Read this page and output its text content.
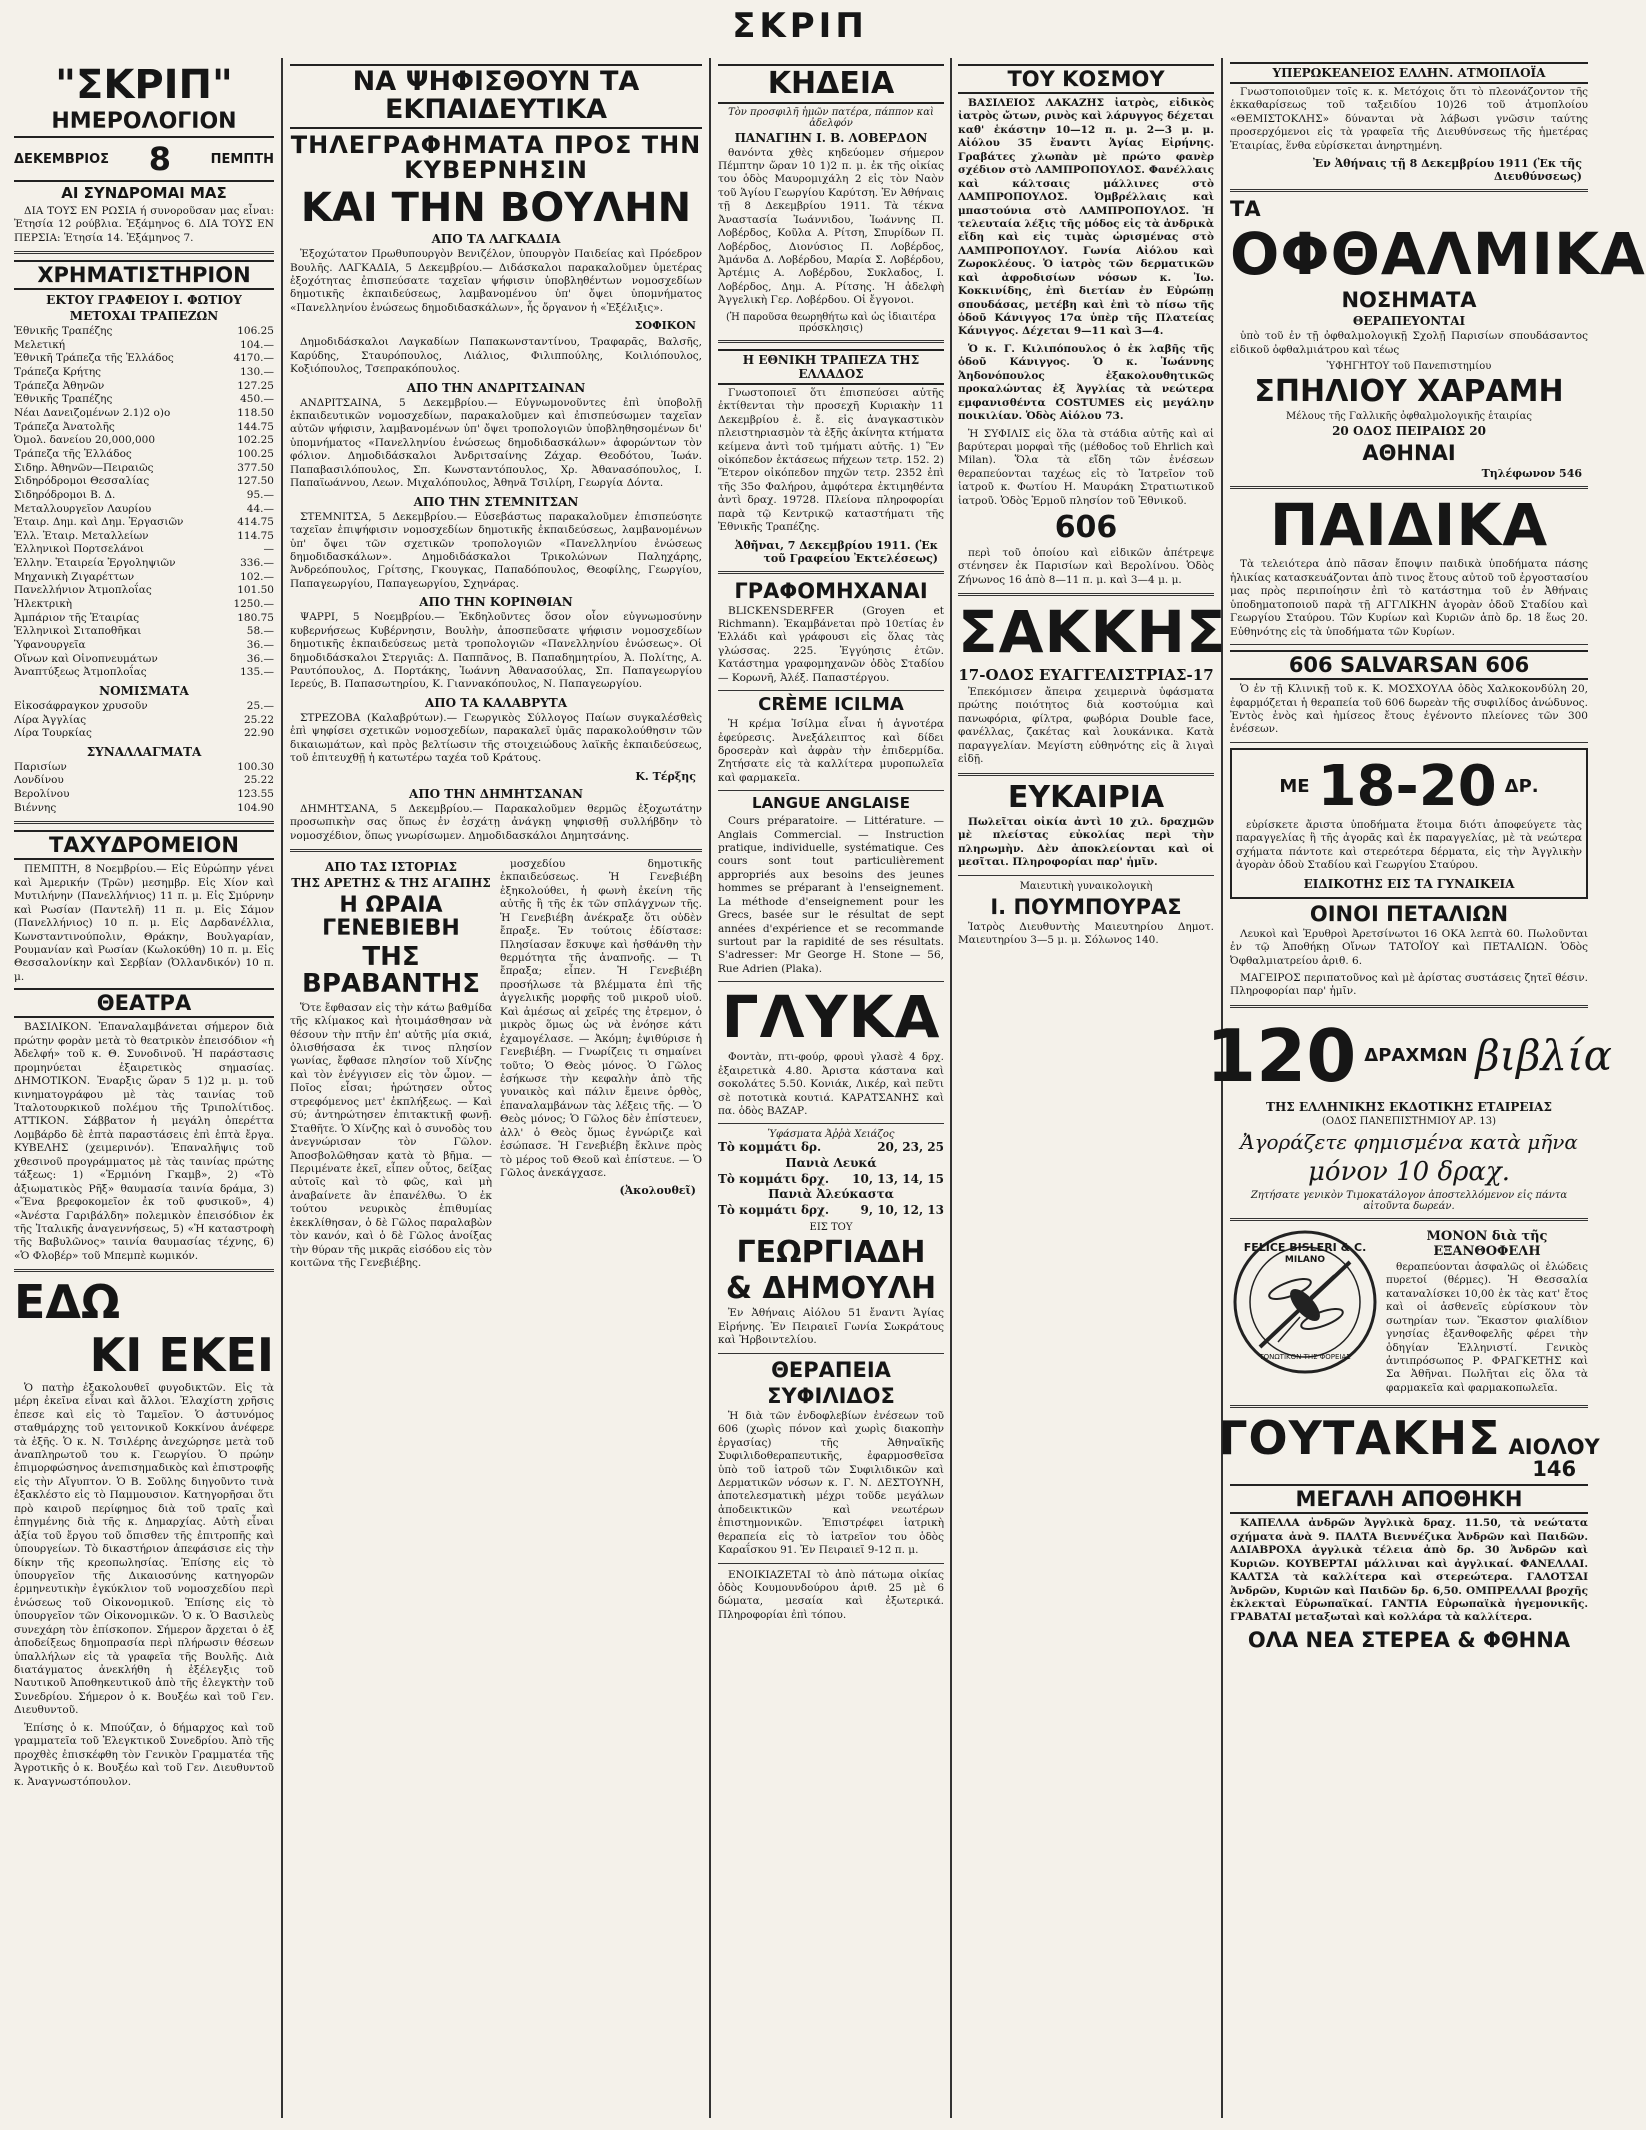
ΣΚΡΙΠ
"ΣΚΡΙΠ"
ΗΜΕΡΟΛΟΓΙΟΝ
ΔΕΚΕΜΒΡΙΟΣ 8	ΠΕΜΠΤΗ
ΑΙ ΣΥΝΔΡΟΜΑΙ ΜΑΣ

ΔΙΑ ΤΟΥΣ ΕΝ ΡΩΣΙΑ ή συνοροῦσαν μας εἶναι: Ἐτησία 12 ρούβλια. Ἑξάμηνος 6. ΔΙΑ ΤΟΥΣ ΕΝ ΠΕΡΣΙΑ: Ἐτησία 14. Ἑξάμηνος 7.

ΧΡΗΜΑΤΙΣΤΗΡΙΟΝ
ΕΚΤΟΥ ΓΡΑΦΕΙΟΥ Ι. ΦΩΤΙΟΥ
ΜΕΤΟΧΑΙ ΤΡΑΠΕΖΩΝ
Ἐθνικῆς Τραπέζης	106.25
Μελετική	104.—
Ἐθνικῆ Τράπεζα τῆς Ἑλλάδος	4170.—
Τράπεζα Κρήτης	130.—
Τράπεζα Ἀθηνῶν	127.25
Ἐθνικῆς Τραπέζης	450.—
Νέαι Δανειζομένων 2.1)2 ο)ο	118.50
Τράπεζα Ἀνατολῆς	144.75
Ὁμολ. δανείου 20,000,000	102.25
Τράπεζα τῆς Ἑλλάδος	100.25
Σιδηρ. Ἀθηνῶν—Πειραιῶς	377.50
Σιδηρόδρομοι Θεσσαλίας	127.50
Σιδηρόδρομοι Β. Δ.	95.—
Μεταλλουργεῖον Λαυρίου	44.—
Ἐταιρ. Δημ. καὶ Δημ. Ἐργασιῶν	414.75
Ἑλλ. Ἐταιρ. Μεταλλείων	114.75
Ἑλληνικοὶ Πορτσελάνοι	—
Ἑλλην. Ἑταιρεία Ἐργοληψιῶν	336.—
Μηχανικὴ Ζιγαρέττων	102.—
Πανελλήνιον Ἀτμοπλοΐας	101.50
Ἠλεκτρικὴ	1250.—
Ἀμπάριον τῆς Ἑταιρίας	180.75
Ἑλληνικοὶ Σιταποθῆκαι	58.—
Ὑφανουργεῖα	36.—
Οἴνων καὶ Οἰνοπνευμάτων	36.—
Ἀναπτύξεως Ἀτμοπλοΐας	135.—
ΝΟΜΙΣΜΑΤΑ
Εἰκοσάφραγκον χρυσοῦν	25.—
Λίρα Ἀγγλίας	25.22
Λίρα Τουρκίας	22.90
ΣΥΝΑΛΛΑΓΜΑΤΑ
Παρισίων	100.30
Λονδίνου	25.22
Βερολίνου	123.55
Βιέννης	104.90
ΤΑΧΥΔΡΟΜΕΙΟΝ

ΠΕΜΠΤΗ, 8 Νοεμβρίου.— Εἰς Εὐρώπην γένει καὶ Ἀμερικήν (Τρῶν) μεσημβρ. Εἰς Χίον καὶ Μυτιλήνην (Πανελλήνιος) 11 π. μ. Εἰς Σμύρνην καὶ Ρωσίαν (Παντελῆ) 11 π. μ. Εἰς Σάμον (Πανελλήνιος) 10 π. μ. Εἰς Δαρδανέλλια, Κωνσταντινούπολιν, Θράκην, Βουλγαρίαν, Ρουμανίαν καὶ Ρωσίαν (Κωλοκύθη) 10 π. μ. Εἰς Θεσσαλονίκην καὶ Σερβίαν (Ὀλλανδικόν) 10 π. μ.

ΘΕΑΤΡΑ

ΒΑΣΙΛΙΚΟΝ. Ἐπαναλαμβάνεται σήμερον διὰ πρώτην φορὰν μετὰ τὸ θεατρικὸν ἐπεισόδιον «ἡ Ἀδελφή» τοῦ κ. Θ. Συνοδινοῦ. Ἡ παράστασις προμηνύεται ἐξαιρετικὸς σημασίας. ΔΗΜΟΤΙΚΟΝ. Ἐναρξις ὥραν 5 1)2 μ. μ. τοῦ κινηματογράφου μὲ τὰς ταινίας τοῦ Ἰταλοτουρκικοῦ πολέμου τῆς Τριπολίτιδος. ΑΤΤΙΚΟΝ. Σάββατον ἡ μεγάλη ὀπερέττα Λομβάρδο δὲ ἑπτὰ παραστάσεις ἐπὶ ἑπτὰ ἔργα. ΚΥΒΕΛΗΣ (χειμερινόν). Ἐπαναλῆψις τοῦ χθεσινοῦ προγράμματος μὲ τὰς ταινίας πρώτης τάξεως: 1) «Ἑρμιόνη Γκαμβ», 2) «Τὸ ἀξιωματικὸς Ρῆξ» θαυμασία ταινία δράμα, 3) «Ἕνα βρεφοκομεῖον ἐκ τοῦ φυσικοῦ», 4) «Ἀνέστα Γαριβάλδη» πολεμικὸν ἐπεισόδιον ἐκ τῆς Ἰταλικῆς ἀναγεννήσεως, 5) «Ἡ καταστροφὴ τῆς Βαβυλῶνος» ταινία θαυμασίας τέχνης, 6) «Ὁ Φλοβέρ» τοῦ Μπεμπὲ κωμικόν.

ΕΔΩ
ΚΙ ΕΚΕΙ

Ὁ πατὴρ ἐξακολουθεῖ φυγοδικτῶν. Εἰς τὰ μέρη ἐκεῖνα εἶναι καὶ ἄλλοι. Ἐλαχίστη χρῆσις ἐπεσε καὶ εἰς τὸ Ταμεῖον. Ὁ ἀστυνόμος σταθμάρχης τοῦ γειτονικοῦ Κοκκίνου ἀνέφερε τὰ ἑξῆς. Ὁ κ. Ν. Τσιλέρης ἀνεχώρησε μετὰ τοῦ ἀναπληρωτοῦ του κ. Γεωργίου. Ὁ πρώην ἐπιμορφώσηνος ἀνεπισημαδικὸς καὶ ἐπιστροφῆς εἰς τὴν Αἴγυπτον. Ὁ Β. Σοῦλης διηγοῦντο τινὰ ἐξακλέστο εἰς τὸ Παμμουσιον. Κατηγορῆσαι ὅτι πρὸ καιροῦ περίφημος διὰ τοῦ τραῖς καὶ ἐπηγμένης διὰ τῆς κ. Δημαρχίας. Αὐτὴ εἶναι ἀξία τοῦ ἔργου τοῦ ὄπισθεν τῆς ἐπιτροπῆς καὶ ὑπουργείων. Τὸ δικαστήριον ἀπεφάσισε εἰς τὴν δίκην τῆς κρεοπωλησίας. Ἐπίσης εἰς τὸ ὑπουργεῖον τῆς Δικαιοσύνης κατηγορῶν ἑρμηνευτικὴν ἐγκύκλιον τοῦ νομοσχεδίου περὶ ἑνώσεως τοῦ Οἰκονομικοῦ. Ἐπίσης εἰς τὸ ὑπουργεῖον τῶν Οἰκονομικῶν. Ὁ κ. Ὁ Βασιλεὺς συνεχάρη τὸν ἐπίσκοπον. Σήμερον ἄρχεται ὁ ἐξ ἀποδείξεως δημοπρασία περὶ πλήρωσιν θέσεων ὑπαλλήλων εἰς τὰ γραφεῖα τῆς Βουλῆς. Διὰ διατάγματος ἀνεκλήθη ἡ ἐξέλεγξις τοῦ Ναυτικοῦ Ἀποθηκευτικοῦ ἀπὸ τῆς ἐλεγκτὴν τοῦ Συνεδρίου. Σήμερον ὁ κ. Βουξέω καὶ τοῦ Γεν. Διευθυντοῦ.

Ἐπίσης ὁ κ. Μπούζαν, ὁ δήμαρχος καὶ τοῦ γραμματεῖα τοῦ Ἑλεγκτικοῦ Συνεδρίου. Ἀπὸ τῆς προχθὲς ἐπισκέφθη τὸν Γενικὸν Γραμματέα τῆς Ἀγροτικῆς ὁ κ. Βουξέω καὶ τοῦ Γεν. Διευθυντοῦ κ. Ἀναγνωστόπουλον.

ΝΑ ΨΗΦΙΣΘΟΥΝ ΤΑ ΕΚΠΑΙΔΕΥΤΙΚΑ
ΤΗΛΕΓΡΑΦΗΜΑΤΑ ΠΡΟΣ ΤΗΝ ΚΥΒΕΡΝΗΣΙΝ
ΚΑΙ ΤΗΝ ΒΟΥΛΗΝ
ΑΠΟ ΤΑ ΛΑΓΚΑΔΙΑ

Ἐξοχώτατον Πρωθυπουργὸν Βενιζέλον, ὑπουργὸν Παιδείας καὶ Πρόεδρον Βουλῆς. ΛΑΓΚΑΔΙΑ, 5 Δεκεμβρίου.— Διδάσκαλοι παρακαλοῦμεν ὑμετέρας ἐξοχότητας ἐπισπεύσατε ταχεῖαν ψήφισιν ὑποβληθέντων νομοσχεδίων δημοτικῆς ἐκπαιδεύσεως, λαμβανομένου ὑπ' ὄψει ὑπομνήματος «Πανελληνίου ἑνώσεως δημοδιδασκάλων», ἧς ὄργανον ἡ «Ἐξέλιξις».

ΣΟΦΙΚΟΝ

Δημοδιδάσκαλοι Λαγκαδίων Παπακωνσταντίνου, Τραφαρᾶς, Βαλσῆς, Καρύδης, Σταυρόπουλος, Λιάλιος, Φιλιππούλης, Κοιλιόπουλος, Κοξιόπουλος, Τσεπρακόπουλος.

ΑΠΟ ΤΗΝ ΑΝΔΡΙΤΣΑΙΝΑΝ

ΑΝΔΡΙΤΣΑΙΝΑ, 5 Δεκεμβρίου.— Εὐγνωμονοῦντες ἐπὶ ὑποβολῇ ἐκπαιδευτικῶν νομοσχεδίων, παρακαλοῦμεν καὶ ἐπισπεύσωμεν ταχεῖαν αὐτῶν ψήφισιν, λαμβανομένων ὑπ' ὄψει τροπολογιῶν ὑποβληθησομένων δι' ὑπομνήματος «Πανελληνίου ἑνώσεως δημοδιδασκάλων» ἀφορώντων τὸν φόλιον. Δημοδιδάσκαλοι Ἀνδριτσαίνης Ζάχαρ. Θεοδότου, Ἰωάν. Παπαβασιλόπουλος, Σπ. Κωνσταντόπουλος, Χρ. Ἀθανασόπουλος, Ι. Παπαϊωάννου, Λεων. Μιχαλόπουλος, Ἀθηνᾶ Τσιλίρη, Γεωργία Δόντα.

ΑΠΟ ΤΗΝ ΣΤΕΜΝΙΤΣΑΝ

ΣΤΕΜΝΙΤΣΑ, 5 Δεκεμβρίου.— Εὐσεβάστως παρακαλοῦμεν ἐπισπεύσητε ταχεῖαν ἐπιψήφισιν νομοσχεδίων δημοτικῆς ἐκπαιδεύσεως, λαμβανομένων ὑπ' ὄψει τῶν σχετικῶν τροπολογιῶν «Πανελληνίου ἑνώσεως δημοδιδασκάλων». Δημοδιδάσκαλοι Τρικολώνων Παληχάρης, Ἀνδρεόπουλος, Γρίτσης, Γκουγκας, Παπαδόπουλος, Θεοφίλης, Γεωργίου, Παπαγεωργίου, Παπαγεωργίου, Σχηνάρας.

ΑΠΟ ΤΗΝ ΚΟΡΙΝΘΙΑΝ

ΨΑΡΡΙ, 5 Νοεμβρίου.— Ἐκδηλοῦντες ὅσον οἷον εὐγνωμοσύνην κυβερνήσεως Κυβέρνησιν, Βουλὴν, ἀποσπεῦσατε ψήφισιν νομοσχεδίων δημοτικῆς ἐκπαιδεύσεως μετὰ τροπολογιῶν «Πανελληνίου ἑνώσεως». Οἱ δημοδιδάσκαλοι Στεργιᾶς: Δ. Παππᾶνος, Β. Παπαδημητρίου, Ἀ. Πολίτης, Α. Ραυτόπουλος, Δ. Πορτάκης, Ἰωάννη Ἀθανασούλας, Σπ. Παπαγεωργίου Ιερεύς, Β. Παπασωτηρίου, Κ. Γιαννακόπουλος, Ν. Παπαγεωργίου.

ΑΠΟ ΤΑ ΚΑΛΑΒΡΥΤΑ

ΣΤΡΕΖΟΒΑ (Καλαβρύτων).— Γεωργικὸς Σύλλογος Παίων συγκαλέσθεὶς ἐπὶ ψηφίσει σχετικῶν νομοσχεδίων, παρακαλεῖ ὑμᾶς παρακολούθησιν τῶν δικαιωμάτων, καὶ πρὸς βελτίωσιν τῆς στοιχειώδους λαϊκῆς ἐκπαιδεύσεως, τοῦ ἐπιτευχθῇ ἡ κατωτέρω ταχέα τοῦ Κράτους.

Κ. Τέρξης
ΑΠΟ ΤΗΝ ΔΗΜΗΤΣΑΝΑΝ

ΔΗΜΗΤΣΑΝΑ, 5 Δεκεμβρίου.— Παρακαλοῦμεν θερμῶς ἐξοχωτάτην προσωπικὴν σας ὅπως ἐν ἐσχάτῃ ἀνάγκῃ ψηφισθῇ συλλήβδην τὸ νομοσχέδιον, ὅπως γνωρίσωμεν. Δημοδιδασκάλοι Δημητσάνης.

ΑΠΟ ΤΑΣ ΙΣΤΟΡΙΑΣ
ΤΗΣ ΑΡΕΤΗΣ & ΤΗΣ ΑΓΑΠΗΣ
Η ΩΡΑΙΑ ΓΕΝΕΒΙΕΒΗ
ΤΗΣ ΒΡΑΒΑΝΤΗΣ

Ὅτε ἔφθασαν εἰς τὴν κάτω βαθμίδα τῆς κλίμακος καὶ ἡτοιμάσθησαν νὰ θέσουν τὴν πτῆν ἐπ' αὐτῆς μία σκιά, ὀλισθήσασα ἐκ τινος πλησίον γωνίας, ἔφθασε πλησίον τοῦ Χίνζης καὶ τὸν ἐνέγγισεν εἰς τὸν ὦμον. — Ποῖος εἶσαι; ἠρώτησεν οὗτος στρεφόμενος μετ' ἐκπλήξεως. — Καὶ σύ; ἀντηρώτησεν ἐπιτακτικῇ φωνῇ. Σταθῆτε. Ὁ Χίνζης καὶ ὁ συνοδὸς του ἀνεγνώρισαν τὸν Γῶλον. Ἀποσβολῶθησαν κατὰ τὸ βῆμα. — Περιμένατε ἐκεῖ, εἶπεν οὗτος, δείξας αὐτοῖς καὶ τὸ φῶς, καὶ μὴ ἀναβαίνετε ἂν ἐπανέλθω. Ὁ ἐκ τούτου νευρικὸς ἐπιθυμίας ἐκεκλίθησαν, ὁ δὲ Γῶλος παραλαβὼν τὸν κανόν, καὶ ὁ δὲ Γῶλος ἀνοίξας τὴν θύραν τῆς μικρᾶς εἰσόδου εἰς τὸν κοιτῶνα τῆς Γενεβιέβης.

μοσχεδίου δημοτικῆς ἐκπαιδεύσεως. Ἡ Γενεβιέβη ἐξηκολούθει, ἡ φωνὴ ἐκείνη τῆς αὐτῆς ἢ τῆς ἐκ τῶν σπλάγχνων τῆς. Ἡ Γενεβιέβη ἀνέκραξε ὅτι οὐδὲν ἔπραξε. Ἐν τούτοις ἐδίστασε: Πλησίασαν ἔσκυψε καὶ ἠσθάνθη τὴν θερμότητα τῆς ἀναπνοῆς. — Τι ἔπραξα; εἶπεν. Ἡ Γενεβιέβη προσήλωσε τὰ βλέμματα ἐπὶ τῆς ἀγγελικῆς μορφῆς τοῦ μικροῦ υἱοῦ. Καὶ ἀμέσως αἱ χεῖρές της ἐτρεμον, ὁ μικρὸς ὅμως ὡς νὰ ἐνόησε κάτι ἐχαμογέλασε. — Ἀκόμη; ἐψιθύρισε ἡ Γενεβιέβη. — Γνωρίζεις τι σημαίνει τοῦτο; Ὁ Θεὸς μόνος. Ὁ Γῶλος ἐσήκωσε τὴν κεφαλὴν ἀπὸ τῆς γυναικὸς καὶ πάλιν ἔμεινε ὀρθὸς, ἐπαναλαμβάνων τὰς λέξεις τῆς. — Ὁ Θεὸς μόνος; Ὁ Γῶλος δὲν ἐπίστευεν, ἀλλ' ὁ Θεὸς ὅμως ἐγνώριζε καὶ ἐσώπασε. Ἡ Γενεβιέβη ἔκλινε πρὸς τὸ μέρος τοῦ Θεοῦ καὶ ἐπίστευε. — Ὁ Γῶλος ἀνεκάγχασε.

(Ἀκολουθεῖ)
ΚΗΔΕΙΑ
Τὸν προσφιλῆ ἡμῶν πατέρα, πάππον καὶ ἀδελφόν
ΠΑΝΑΓΙΗΝ Ι. Β. ΛΟΒΕΡΔΟΝ

θανόντα χθὲς κηδεύομεν σήμερον Πέμπτην ὥραν 10 1)2 π. μ. ἐκ τῆς οἰκίας του ὁδὸς Μαυρομιχάλη 2 εἰς τὸν Ναὸν τοῦ Ἁγίου Γεωργίου Καρύτση. Ἐν Ἀθήναις τῇ 8 Δεκεμβρίου 1911. Τὰ τέκνα Ἀναστασία Ἰωάννιδου, Ἰωάννης Π. Λοβέρδος, Κοῦλα Α. Ρίτση, Σπυρίδων Π. Λοβέρδος, Διονύσιος Π. Λοβέρδος, Ἀμάνδα Δ. Λοβέρδου, Μαρία Σ. Λοβέρδου, Ἀρτέμις Α. Λοβέρδου, Συκλαδος, Ι. Λοβέρδος, Δημ. Α. Ρίτσης. Ἡ ἀδελφὴ Ἀγγελικὴ Γερ. Λοβέρδου. Οἱ ἔγγονοι.

(Ἡ παροῦσα θεωρηθήτω καὶ ὡς ἰδιαιτέρα πρόσκλησις)
Η ΕΘΝΙΚΗ ΤΡΑΠΕΖΑ ΤΗΣ ΕΛΛΑΔΟΣ

Γνωστοποιεῖ ὅτι ἐπισπεύσει αὐτῆς ἐκτίθενται τὴν προσεχῆ Κυριακὴν 11 Δεκεμβρίου ἐ. ἔ. εἰς ἀναγκαστικὸν πλειστηριασμὸν τὰ ἑξῆς ἀκίνητα κτήματα κείμενα ἀντὶ τοῦ τμήματι αὐτῆς. 1) Ἓν οἰκόπεδον ἐκτάσεως πήχεων τετρ. 152. 2) Ἕτερον οἰκόπεδον πηχῶν τετρ. 2352 ἐπὶ τῆς 35ο Φαλήρου, ἀμφότερα ἐκτιμηθέντα ἀντὶ δραχ. 19728. Πλείονα πληροφορίαι παρὰ τῷ Κεντρικῷ καταστήματι τῆς Ἐθνικῆς Τραπέζης.

Ἀθῆναι, 7 Δεκεμβρίου 1911. (Ἐκ τοῦ Γραφείου Ἐκτελέσεως)
ΓΡΑΦΟΜΗΧΑΝΑΙ

BLICKENSDERFER (Groyen et Richmann). Ἐκαμβάνεται πρὸ 10ετίας ἐν Ἑλλάδι καὶ γράφουσι εἰς ὅλας τὰς γλώσσας. 225. Ἐγγύησις ἐτῶν. Κατάστημα γραφομηχανῶν ὁδὸς Σταδίου — Κορωνῆ, Ἀλέξ. Παπαστέργου.

CRÈME ICILMA

Ἡ κρέμα Ἰσίλμα εἶναι ἡ ἀγνοτέρα ἐφεύρεσις. Ἀνεξάλειπτος καὶ δίδει δροσερὰν καὶ ἀφρὰν τὴν ἐπιδερμίδα. Ζητήσατε εἰς τὰ καλλίτερα μυροπωλεῖα καὶ φαρμακεῖα.

LANGUE ANGLAISE

Cours préparatoire. — Littérature. — Anglais Commercial. — Instruction pratique, individuelle, systématique. Ces cours sont tout particulièrement appropriés aux besoins des jeunes hommes se préparant à l'enseignement. La méthode d'enseignement pour les Grecs, basée sur le résultat de sept années d'expérience et se recommande surtout par la rapidité de ses résultats. S'adresser: Mr George H. Stone — 56, Rue Adrien (Plaka).

ΓΛΥΚΑ

Φοντὰν, πτι-φούρ, φρουὶ γλασὲ 4 δρχ. ἐξαιρετικὰ 4.80. Ἀριστα κάστανα καὶ σοκολάτες 5.50. Κονιάκ, Λικέρ, καὶ πεῦτι σὲ ποτοτικὰ κουτιά. ΚΑΡΑΤΣΑΝΗΣ καὶ πα. ὁδὸς ΒΑΖΑΡ.

Ὑφάσματα Ἀῤῥὰ Χειάζος
Τὸ κομμάτι δρ.	20, 23, 25
Πανιὰ Λευκά
Τὸ κομμάτι δρχ. 10, 13, 14, 15
Πανιὰ Ἀλεύκαστα
Τὸ κομμάτι δρχ.	9, 10, 12, 13
ΕΙΣ ΤΟΥ
ΓΕΩΡΓΙΑΔΗ
& ΔΗΜΟΥΛΗ

Ἐν Ἀθήναις Αἰόλου 51 ἔναντι Ἁγίας Εἰρήνης. Ἐν Πειραιεῖ Γωνία Σωκράτους καὶ Ἠρβοιντελίου.

ΘΕΡΑΠΕΙΑ
ΣΥΦΙΛΙΔΟΣ

Ἡ διὰ τῶν ἐνδοφλεβίων ἐνέσεων τοῦ 606 (χωρὶς πόνον καὶ χωρὶς διακοπὴν ἐργασίας) τῆς Ἀθηναϊκῆς Συφιλιδοθεραπευτικῆς, ἐφαρμοσθεῖσα ὑπὸ τοῦ ἰατροῦ τῶν Συφιλιδικῶν καὶ Δερματικῶν νόσων κ. Γ. Ν. ΔΕΣΤΟΥΝΗ, ἀποτελεσματικὴ μέχρι τοῦδε μεγάλων ἀποδεικτικῶν καὶ νεωτέρων ἐπιστημονικῶν. Ἐπιστρέφει ἰατρικὴ θεραπεία εἰς τὸ ἰατρεῖον του ὁδὸς Καραΐσκου 91. Ἐν Πειραιεῖ 9-12 π. μ.

ΕΝΟΙΚΙΑΖΕΤΑΙ τὸ ἀπὸ πάτωμα οἰκίας ὁδὸς Κουμουνδούρου ἀριθ. 25 μὲ 6 δώματα, μεσαία καὶ ἐξωτερικά. Πληροφορίαι ἐπὶ τόπου.

ΤΟΥ ΚΟΣΜΟΥ

ΒΑΣΙΛΕΙΟΣ ΛΑΚΑΖΗΣ ἰατρὸς, εἰδικὸς ἰατρὸς ὤτων, ρινὸς καὶ λάρυγγος δέχεται καθ' ἑκάστην 10—12 π. μ. 2—3 μ. μ. Αἰόλου 35 ἔναντι Ἁγίας Εἰρήνης. Γραβάτες χλωπὰν μὲ πρώτο φανὲρ σχέδιον στὸ ΛΑΜΠΡΟΠΟΥΛΟΣ. Φανέλλαις καὶ κάλτσαις μάλλινες στὸ ΛΑΜΠΡΟΠΟΥΛΟΣ. Ὀμβρέλλαις καὶ μπαστούνια στὸ ΛΑΜΠΡΟΠΟΥΛΟΣ. Ἡ τελευταία λέξις τῆς μόδος εἰς τὰ ἀνδρικὰ εἴδη καὶ εἰς τιμὰς ὡρισμένας στὸ ΛΑΜΠΡΟΠΟΥΛΟΥ. Γωνία Αἰόλου καὶ Ζωροκλέους. Ὁ ἰατρὸς τῶν δερματικῶν καὶ ἀφροδισίων νόσων κ. Ἰω. Κοκκινίδης, ἐπὶ διετίαν ἐν Εὐρώπῃ σπουδάσας, μετέβη καὶ ἐπὶ τὸ πίσω τῆς ὁδοῦ Κάνιγγος 17α ὑπὲρ τῆς Πλατείας Κάνιγγος. Δέχεται 9—11 καὶ 3—4.

Ὁ κ. Γ. Κιλιπόπουλος ὁ ἐκ λαβῆς τῆς ὁδοῦ Κάνιγγος. Ὁ κ. Ἰωάννης Ἀηδονόπουλος ἐξακολουθητικῶς προκαλώντας ἐξ Ἀγγλίας τὰ νεώτερα εμφανισθέντα COSTUMES εἰς μεγάλην ποικιλίαν. Ὁδὸς Αἰόλου 73.

Ἡ ΣΥΦΙΛΙΣ εἰς ὅλα τὰ στάδια αὐτῆς καὶ αἱ βαρύτεραι μορφαὶ τῆς (μέθοδος τοῦ Ehrlich καὶ Milan). Ὅλα τὰ εἴδη τῶν ἐνέσεων θεραπεύονται ταχέως εἰς τὸ Ἰατρεῖον τοῦ ἰατροῦ κ. Φωτίου Η. Μαυράκη Στρατιωτικοῦ ἰατροῦ. Ὁδὸς Ἑρμοῦ πλησίον τοῦ Ἐθνικοῦ.

606

περὶ τοῦ ὁποίου καὶ εἰδικῶν ἀπέτρεψε στένησεν ἐκ Παρισίων καὶ Βερολίνου. Ὁδὸς Ζήνωνος 16 ἀπὸ 8—11 π. μ. καὶ 3—4 μ. μ.

ΣΑΚΚΗΣ
17-ΟΔΟΣ ΕΥΑΓΓΕΛΙΣΤΡΙΑΣ-17

Ἐπεκόμισεν ἄπειρα χειμερινὰ ὑφάσματα πρώτης ποιότητος διὰ κοστούμια καὶ πανωφόρια, φίλτρα, φωβόρια Double face, φανέλλας, ζακέτας καὶ λουκάνικα. Κατὰ παραγγελίαν. Μεγίστη εὐθηνότης εἰς ἃ λιγαὶ εἰδῇ.

ΕΥΚΑΙΡΙΑ

Πωλεῖται οἰκία ἀντὶ 10 χιλ. δραχμῶν μὲ πλείστας εὐκολίας περὶ τὴν πληρωμὴν. Δὲν ἀποκλείονται καὶ οἱ μεσῖται. Πληροφορίαι παρ' ἡμῖν.

Μαιευτικὴ γυναικολογικὴ
Ι. ΠΟΥΜΠΟΥΡΑΣ

Ἰατρὸς Διευθυντὴς Μαιευτηρίου Δημοτ. Μαιευτηρίου 3—5 μ. μ. Σόλωνος 140.

ΥΠΕΡΩΚΕΑΝΕΙΟΣ ΕΛΛΗΝ. ΑΤΜΟΠΛΟΪΑ

Γνωστοποιοῦμεν τοῖς κ. κ. Μετόχοις ὅτι τὸ πλεονάζοντον τῆς ἑκκαθαρίσεως τοῦ ταξειδίου 10)26 τοῦ ἀτμοπλοίου «ΘΕΜΙΣΤΟΚΛΗΣ» δύνανται νὰ λάβωσι γνῶσιν ταύτης προσερχόμενοι εἰς τὰ γραφεῖα τῆς Διευθύνσεως τῆς ἡμετέρας Ἑταιρίας, ἕνθα εὑρίσκεται ἀνηρτημένη.

Ἐν Ἀθήναις τῇ 8 Δεκεμβρίου 1911 (Ἐκ τῆς Διευθύνσεως)
ΤΑ
ΟΦΘΑΛΜΙΚΑ
ΝΟΣΗΜΑΤΑ
ΘΕΡΑΠΕΥΟΝΤΑΙ

ὑπὸ τοῦ ἐν τῇ ὀφθαλμολογικῇ Σχολῇ Παρισίων σπουδάσαντος εἰδικοῦ ὀφθαλμιάτρου καὶ τέως

ὙΦΗΓΗΤΟΥ τοῦ Πανεπιστημίου
ΣΠΗΛΙΟΥ ΧΑΡΑΜΗ
Μέλους τῆς Γαλλικῆς ὀφθαλμολογικῆς ἑταιρίας
20 ΟΔΟΣ ΠΕΙΡΑΙΩΣ 20
ΑΘΗΝΑΙ
Τηλέφωνον 546
ΠΑΙΔΙΚΑ

Τὰ τελειότερα ἀπὸ πᾶσαν ἔποψιν παιδικὰ ὑποδήματα πάσης ἡλικίας κατασκευάζονται ἀπὸ τινος ἔτους αὐτοῦ τοῦ ἐργοστασίου μας πρὸς περιποίησιν ἐπὶ τὸ κατάστημα τοῦ ἐν Ἀθήναις ὑποδηματοποιοῦ παρὰ τῇ ΑΓΓΛΙΚΗΝ ἀγορὰν ὁδοῦ Σταδίου καὶ Γεωργίου Σταύρου. Τῶν Κυρίων καὶ Κυριῶν ἀπὸ δρ. 18 ἕως 20. Εὐθηνότης εἰς τὰ ὑποδήματα τῶν Κυρίων.

606 SALVARSAN 606

Ὁ ἐν τῇ Κλινικῇ τοῦ κ. Κ. ΜΟΣΧΟΥΛΑ ὁδὸς Χαλκοκονδύλη 20, ἐφαρμόζεται ἡ θεραπεία τοῦ 606 δωρεὰν τῆς συφιλίδος ἀνώδυνος. Ἐντὸς ἑνὸς καὶ ἡμίσεος ἔτους ἐγένοντο πλείονες τῶν 300 ἐνέσεων.

ΜΕ 18-20 ΔΡ.

εὑρίσκετε ἄριστα ὑποδήματα ἕτοιμα διότι ἀποφεύγετε τὰς παραγγελίας ἢ τῆς ἀγορᾶς καὶ ἐκ παραγγελίας, μὲ τὰ νεώτερα σχήματα πάντοτε καὶ στερεότερα δέρματα, εἰς τὴν Ἀγγλικὴν ἀγορὰν ὁδοὺ Σταδίου καὶ Γεωργίου Σταύρου.

ΕΙΔΙΚΟΤΗΣ ΕΙΣ ΤΑ ΓΥΝΑΙΚΕΙΑ
ΟΙΝΟΙ ΠΕΤΑΛΙΩΝ

Λευκοὶ καὶ Ἐρυθροὶ Ἀρετσίνωτοι 16 ΟΚΑ λεπτὰ 60. Πωλοῦνται ἐν τῷ Ἀποθήκῃ Οἴνων ΤΑΤΟΪΟΥ καὶ ΠΕΤΑΛΙΩΝ. Ὁδὸς Ὀφθαλμιατρείου ἀριθ. 6.

ΜΑΓΕΙΡΟΣ περιπατοῦνος καὶ μὲ ἀρίστας συστάσεις ζητεῖ θέσιν. Πληροφορίαι παρ' ἡμῖν.

120 ΔΡΑΧΜΩΝ βιβλία
ΤΗΣ ΕΛΛΗΝΙΚΗΣ ΕΚΔΟΤΙΚΗΣ ΕΤΑΙΡΕΙΑΣ
(ΟΔΟΣ ΠΑΝΕΠΙΣΤΗΜΙΟΥ ΑΡ. 13)
Ἀγοράζετε φημισμένα κατὰ μῆνα
μόνον 10 δραχ.
Ζητήσατε γενικὸν Τιμοκατάλογον ἀποστελλόμενον εἰς πάντα αἰτοῦντα δωρεάν.
FELICE BISLERI & C.
MILANO
ΤΟΝΩΤΙΚΟΝ ΤΗΣ ΦΟΡΕΙΑΣ
ΜΟΝΟΝ διὰ τῆς ΕΞΑΝΘΟΦΕΛΗ

θεραπεύονται ἀσφαλῶς οἱ ἑλώδεις πυρετοί (θέρμες). Ἡ Θεσσαλία καταναλίσκει 10,00 ἐκ τὰς κατ' ἔτος καὶ οἱ ἀσθενεῖς εὑρίσκουν τὸν σωτηρίαν των. Ἕκαστον φιαλίδιον γνησίας ἐξανθοφελῆς φέρει τὴν ὁδηγίαν Ἑλληνιστί. Γενικὸς ἀντιπρόσωπος Ρ. ΦΡΑΓΚΕΤΗΣ καὶ Σα Ἀθῆναι. Πωλῆται εἰς ὅλα τὰ φαρμακεῖα καὶ φαρμακοπωλεῖα.

ΓΟΥΤΑΚΗΣ ΑΙΟΛΟΥ 146
ΜΕΓΑΛΗ ΑΠΟΘΗΚΗ

ΚΑΠΕΛΛΑ ἀνδρῶν Ἀγγλικὰ δραχ. 11.50, τὰ νεώτατα σχήματα ἀνὰ 9. ΠΑΛΤΑ Βιεννέζικα Ἀνδρῶν καὶ Παιδῶν. ΑΔΙΑΒΡΟΧΑ ἀγγλικὰ τέλεια ἀπὸ δρ. 30 Ἀνδρῶν καὶ Κυριῶν. ΚΟΥΒΕΡΤΑΙ μάλλιναι καὶ ἀγγλικαί. ΦΑΝΕΛΛΑΙ. ΚΑΛΤΣΑ τὰ καλλίτερα καὶ στερεώτερα. ΓΑΛΟΤΣΑΙ Ἀνδρῶν, Κυριῶν καὶ Παιδῶν δρ. 6,50. ΟΜΠΡΕΛΛΑΙ βροχῆς ἐκλεκταὶ Εὐρωπαϊκαί. ΓΑΝΤΙΑ Εὐρωπαϊκὰ ἡγεμονικῆς. ΓΡΑΒΑΤΑΙ μεταξωταὶ καὶ κολλάρα τὰ καλλίτερα.

ΟΛΑ ΝΕΑ ΣΤΕΡΕΑ & ΦΘΗΝΑ
